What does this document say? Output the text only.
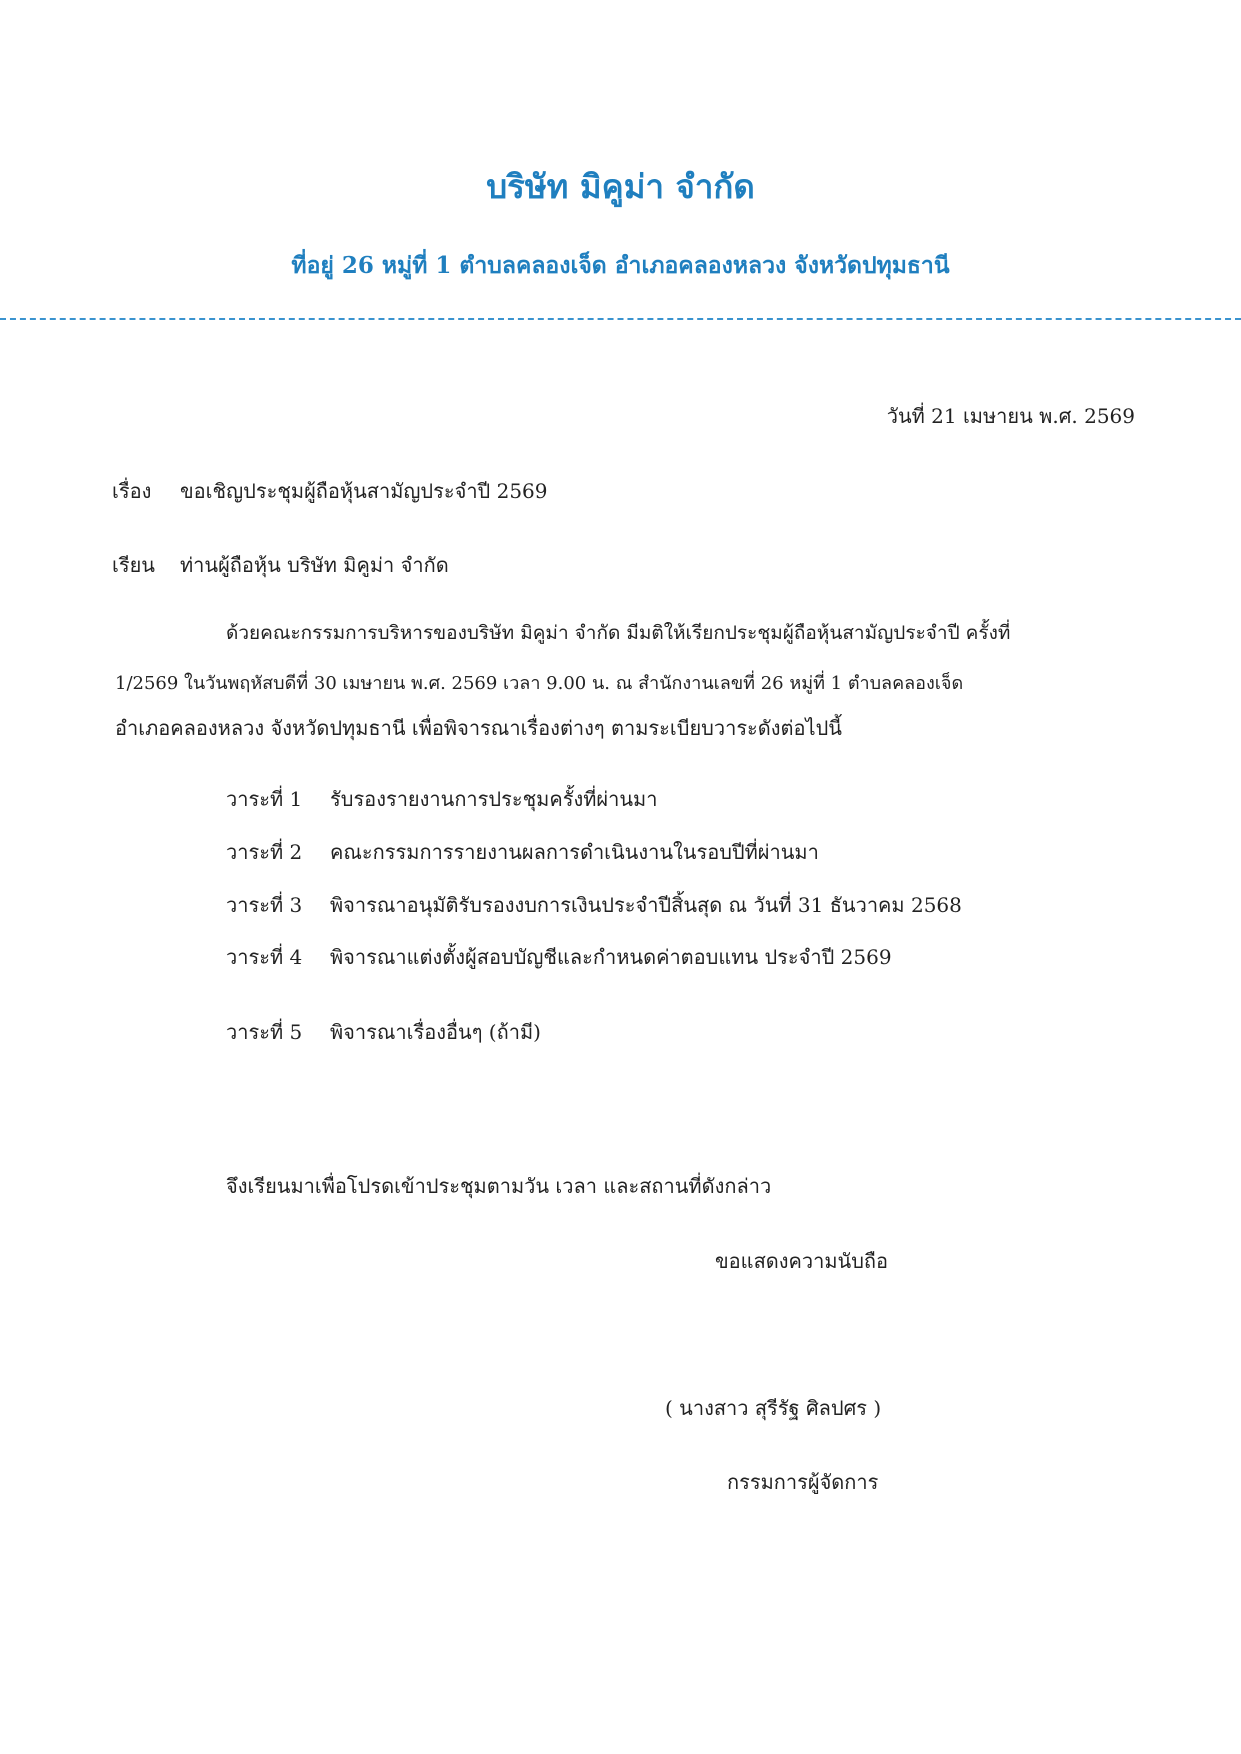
บริษัท มิคูม่า จำกัด
ที่อยู่ 26 หมู่ที่ 1 ตำบลคลองเจ็ด อำเภอคลองหลวง จังหวัดปทุมธานี
วันที่ 21 เมษายน พ.ศ. 2569
เรื่อง ขอเชิญประชุมผู้ถือหุ้นสามัญประจำปี 2569
เรียน ท่านผู้ถือหุ้น บริษัท มิคูม่า จำกัด
ด้วยคณะกรรมการบริหารของบริษัท มิคูม่า จำกัด มีมติให้เรียกประชุมผู้ถือหุ้นสามัญประจำปี ครั้งที่
1/2569 ในวันพฤหัสบดีที่ 30 เมษายน พ.ศ. 2569 เวลา 9.00 น. ณ สำนักงานเลขที่ 26 หมู่ที่ 1 ตำบลคลองเจ็ด
อำเภอคลองหลวง จังหวัดปทุมธานี เพื่อพิจารณาเรื่องต่างๆ ตามระเบียบวาระดังต่อไปนี้
วาระที่ 1 รับรองรายงานการประชุมครั้งที่ผ่านมา
วาระที่ 2 คณะกรรมการรายงานผลการดำเนินงานในรอบปีที่ผ่านมา
วาระที่ 3 พิจารณาอนุมัติรับรองงบการเงินประจำปีสิ้นสุด ณ วันที่ 31 ธันวาคม 2568
วาระที่ 4 พิจารณาแต่งตั้งผู้สอบบัญชีและกำหนดค่าตอบแทน ประจำปี 2569
วาระที่ 5 พิจารณาเรื่องอื่นๆ (ถ้ามี)
จึงเรียนมาเพื่อโปรดเข้าประชุมตามวัน เวลา และสถานที่ดังกล่าว
ขอแสดงความนับถือ
( นางสาว สุรีรัฐ ศิลปศร )
กรรมการผู้จัดการ
